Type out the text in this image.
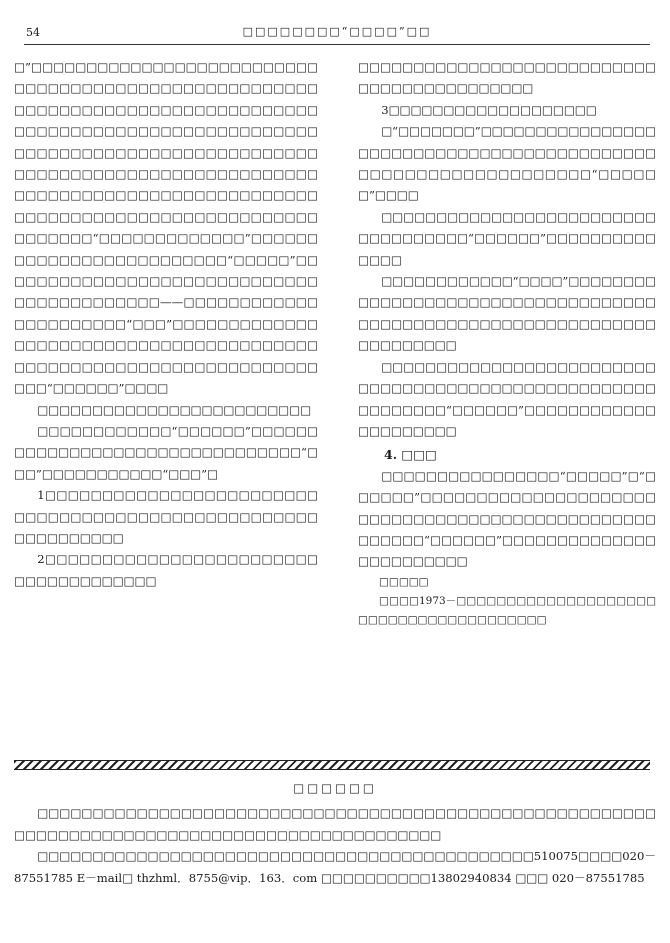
54	□□□□□□□□“□□□□”□□

□”□□□□□□□□□□□□□□□□□□□□□□□□□□□□□□□□□□□□□□□□□□□□□□□□□□□□□□□□□□□□□□□□□□□□□□□□□□□□□□□□□□□□□□□□□□□□□□□□□□□□□□□□□□□□□□□□□□□□□□□□□□□□□□□□□□□□□□□□□□□□□□□□□□□□□□□□□□□□□□□□□□□□□□□□□□□□□□□□□□□□□□□□□□□□□□□□□□□□□□□□□□□□□□□□□□□□□□□□□□□□□□“□□□□□□□□□□□□□”□□□□□□□□□□□□□□□□□□□□□□□□□“□□□□□”□□□□□□□□□□□□□□□□□□□□□□□□□□□□□□□□□□□□□□□□□□——□□□□□□□□□□□□□□□□□□□□□□“□□□”□□□□□□□□□□□□□□□□□□□□□□□□□□□□□□□□□□□□□□□□□□□□□□□□□□□□□□□□□□□□□□□□□□□□□□“□□□□□□”□□□□

□□□□□□□□□□□□□□□□□□□□□□□□□

□□□□□□□□□□□□“□□□□□□”□□□□□□□□□□□□□□□□□□□□□□□□□□□□□□□□“□□□”□□□□□□□□□□□“□□□”□

1□□□□□□□□□□□□□□□□□□□□□□□□□□□□□□□□□□□□□□□□□□□□□□□□□□□□□□□□□□□□□

2□□□□□□□□□□□□□□□□□□□□□□□□□□□□□□□□□□□□□

□□□□□□□□□□□□□□□□□□□□□□□□□□□□□□□□□□□□□□□□□□□

3□□□□□□□□□□□□□□□□□□□

□“□□□□□□□”□□□□□□□□□□□□□□□□□□□□□□□□□□□□□□□□□□□□□□□□□□□□□□□□□□□□□□□□□□□□□□□“□□□□□□”□□□□

□□□□□□□□□□□□□□□□□□□□□□□□□□□□□□□□□□□“□□□□□□”□□□□□□□□□□□□□□

□□□□□□□□□□□□“□□□□”□□□□□□□□□□□□□□□□□□□□□□□□□□□□□□□□□□□□□□□□□□□□□□□□□□□□□□□□□□□□□□□□□□□□□□□

□□□□□□□□□□□□□□□□□□□□□□□□□□□□□□□□□□□□□□□□□□□□□□□□□□□□□□□□□□□□“□□□□□□”□□□□□□□□□□□□□□□□□□□□□

4. □□□

□□□□□□□□□□□□□□□□“□□□□□”□“□□□□□□”□□□□□□□□□□□□□□□□□□□□□□□□□□□□□□□□□□□□□□□□□□□□□□□□□□□□□□“□□□□□□”□□□□□□□□□□□□□□□□□□□□□□□□

□□□□□

□□□□1973－□□□□□□□□□□□□□□□□□□□□□□□□□□□□□□□□□□□□□□□

□□□□□□

□□□□□□□□□□□□□□□□□□□□□□□□□□□□□□□□□□□□□□□□□□□□□□□□□□□□□□□□□□□□□□□□□□□□□□□□□□□□□□□□□□□□□□□□□□□□□□□

□□□□□□□□□□□□□□□□□□□□□□□□□□□□□□□□□□□□□□□□□□□□□510075□□□□020－87551785 E－mail□ thzhml．8755@vip．163．com □□□□□□□□□□13802940834 □□□ 020－87551785
